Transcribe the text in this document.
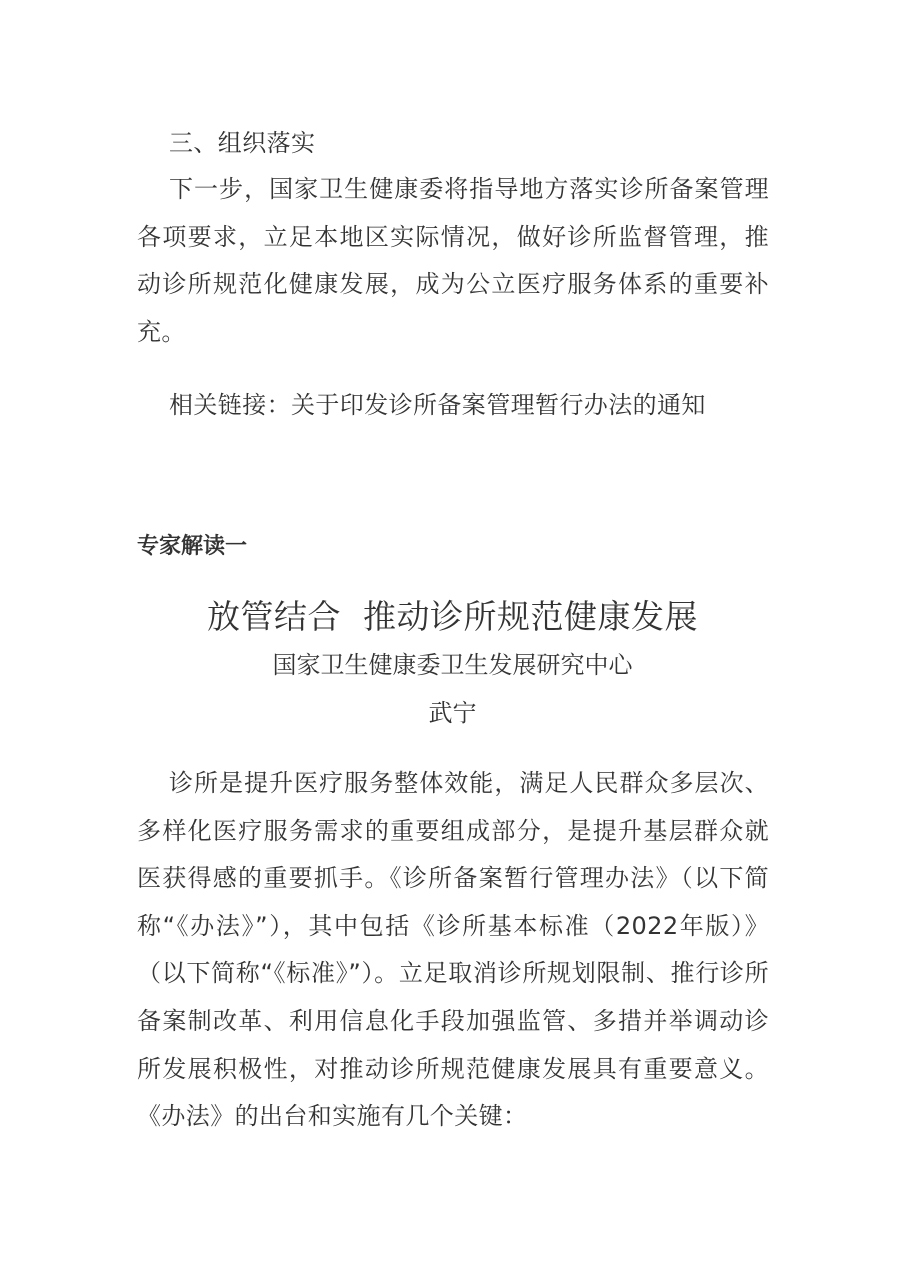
三、组织落实

下一步，国家卫生健康委将指导地方落实诊所备案管理各项要求，立足本地区实际情况，做好诊所监督管理，推动诊所规范化健康发展，成为公立医疗服务体系的重要补充。

相关链接：关于印发诊所备案管理暂行办法的通知

专家解读一

放管结合  推动诊所规范健康发展

国家卫生健康委卫生发展研究中心

武宁

诊所是提升医疗服务整体效能，满足人民群众多层次、多样化医疗服务需求的重要组成部分，是提升基层群众就医获得感的重要抓手。《诊所备案暂行管理办法》（以下简称“《办法》”），其中包括《诊所基本标准（2022年版）》（以下简称“《标准》”）。立足取消诊所规划限制、推行诊所备案制改革、利用信息化手段加强监管、多措并举调动诊所发展积极性，对推动诊所规范健康发展具有重要意义。《办法》的出台和实施有几个关键：
